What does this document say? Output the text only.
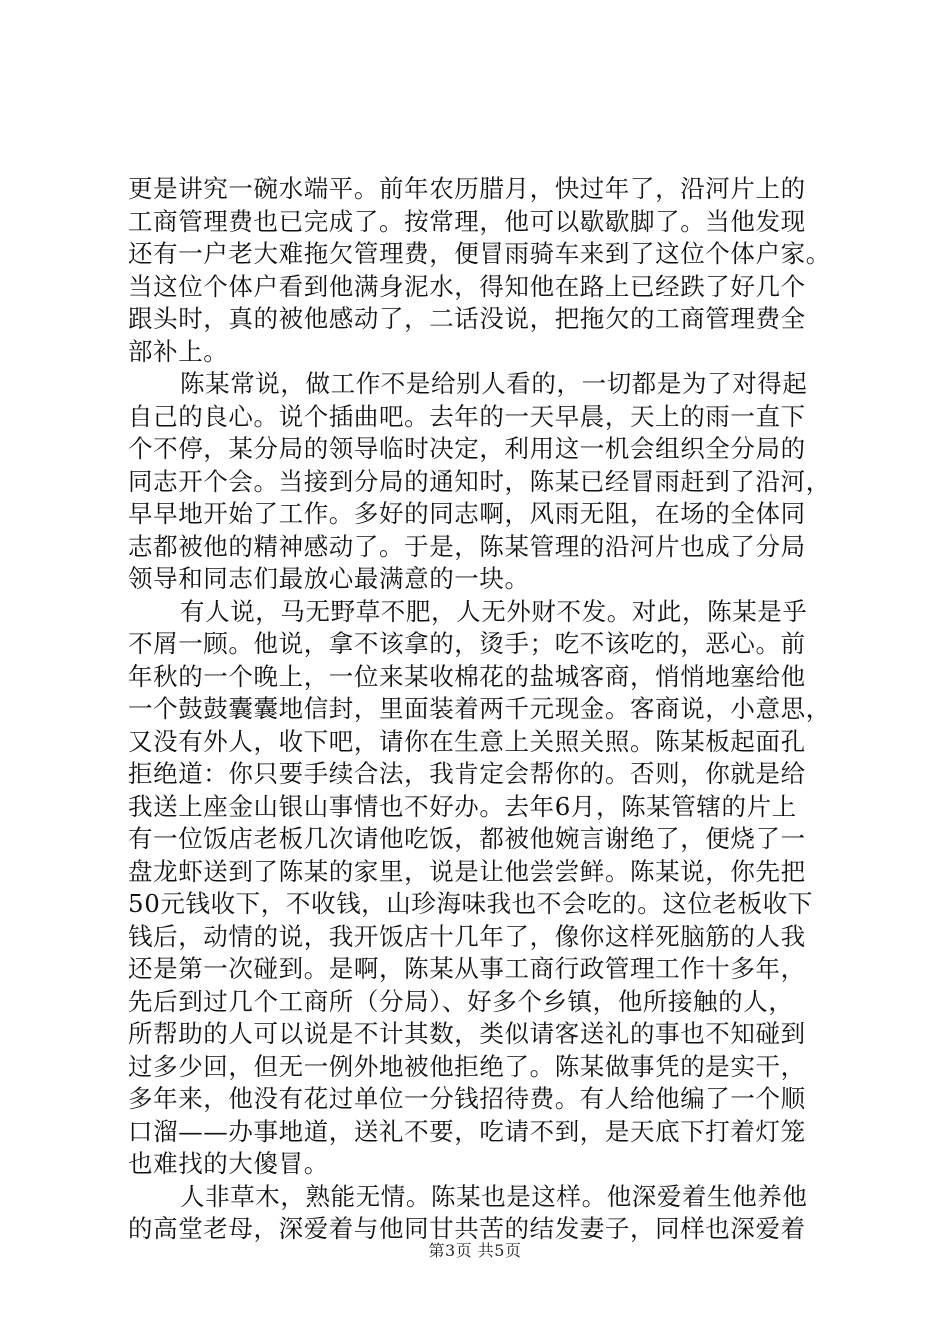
更是讲究一碗水端平。前年农历腊月，快过年了，沿河片上的
工商管理费也已完成了。按常理，他可以歇歇脚了。当他发现
还有一户老大难拖欠管理费，便冒雨骑车来到了这位个体户家。
当这位个体户看到他满身泥水，得知他在路上已经跌了好几个
跟头时，真的被他感动了，二话没说，把拖欠的工商管理费全
部补上。
陈某常说，做工作不是给别人看的，一切都是为了对得起
自己的良心。说个插曲吧。去年的一天早晨，天上的雨一直下
个不停，某分局的领导临时决定，利用这一机会组织全分局的
同志开个会。当接到分局的通知时，陈某已经冒雨赶到了沿河，
早早地开始了工作。多好的同志啊，风雨无阻，在场的全体同
志都被他的精神感动了。于是，陈某管理的沿河片也成了分局
领导和同志们最放心最满意的一块。
有人说，马无野草不肥，人无外财不发。对此，陈某是乎
不屑一顾。他说，拿不该拿的，烫手；吃不该吃的，恶心。前
年秋的一个晚上，一位来某收棉花的盐城客商，悄悄地塞给他
一个鼓鼓囊囊地信封，里面装着两千元现金。客商说，小意思，
又没有外人，收下吧，请你在生意上关照关照。陈某板起面孔
拒绝道：你只要手续合法，我肯定会帮你的。否则，你就是给
我送上座金山银山事情也不好办。去年6月，陈某管辖的片上
有一位饭店老板几次请他吃饭，都被他婉言谢绝了，便烧了一
盘龙虾送到了陈某的家里，说是让他尝尝鲜。陈某说，你先把
50元钱收下，不收钱，山珍海味我也不会吃的。这位老板收下
钱后，动情的说，我开饭店十几年了，像你这样死脑筋的人我
还是第一次碰到。是啊，陈某从事工商行政管理工作十多年，
先后到过几个工商所（分局）、好多个乡镇，他所接触的人，
所帮助的人可以说是不计其数，类似请客送礼的事也不知碰到
过多少回，但无一例外地被他拒绝了。陈某做事凭的是实干，
多年来，他没有花过单位一分钱招待费。有人给他编了一个顺
口溜——办事地道，送礼不要，吃请不到，是天底下打着灯笼
也难找的大傻冒。
人非草木，熟能无情。陈某也是这样。他深爱着生他养他
的高堂老母，深爱着与他同甘共苦的结发妻子，同样也深爱着
第3页 共5页
